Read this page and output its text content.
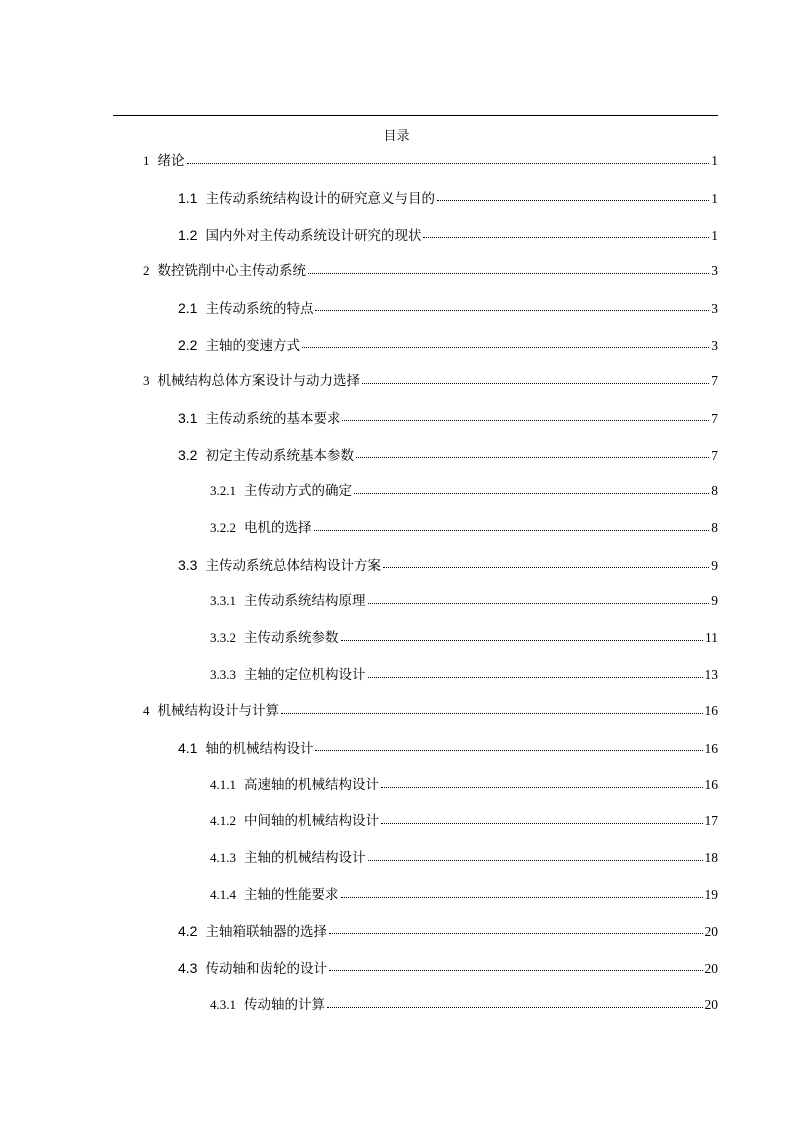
目录
1 绪论	1
1.1 主传动系统结构设计的研究意义与目的	1
1.2 国内外对主传动系统设计研究的现状	1
2 数控铣削中心主传动系统	3
2.1 主传动系统的特点	3
2.2 主轴的变速方式	3
3 机械结构总体方案设计与动力选择	7
3.1 主传动系统的基本要求	7
3.2 初定主传动系统基本参数	7
3.2.1 主传动方式的确定	8
3.2.2 电机的选择	8
3.3 主传动系统总体结构设计方案	9
3.3.1 主传动系统结构原理	9
3.3.2 主传动系统参数	11
3.3.3 主轴的定位机构设计	13
4 机械结构设计与计算	16
4.1 轴的机械结构设计	16
4.1.1 高速轴的机械结构设计	16
4.1.2 中间轴的机械结构设计	17
4.1.3 主轴的机械结构设计	18
4.1.4 主轴的性能要求	19
4.2 主轴箱联轴器的选择	20
4.3 传动轴和齿轮的设计	20
4.3.1 传动轴的计算	20
